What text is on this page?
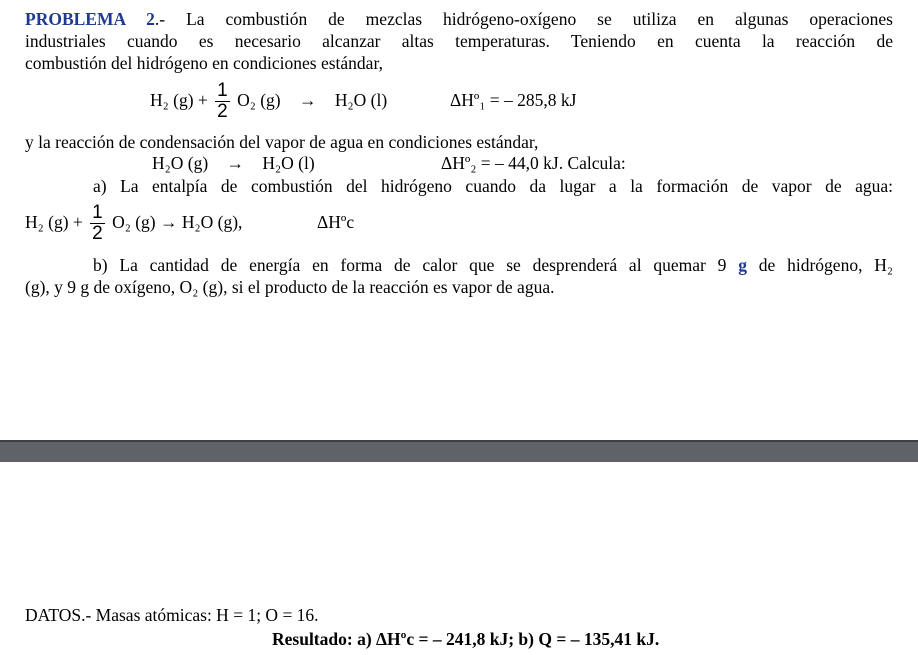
PROBLEMA 2.- La combustión de mezclas hidrógeno-oxígeno se utiliza en algunas operaciones

industriales cuando es necesario alcanzar altas temperaturas. Teniendo en cuenta la reacción de

combustión del hidrógeno en condiciones estándar,

H₂ $(g) + \frac{1}{2} O_2$ (g) → H₂O (l)	ΔHº₁ = – 285,8 kJ

y la reacción de condensación del vapor de agua en condiciones estándar,

H₂O (g) → H₂O (l)	ΔHº₂ = – 44,0 kJ. Calcula:

a) La entalpía de combustión del hidrógeno cuando da lugar a la formación de vapor de agua:

H₂ $(g) + \frac{1}{2} O_2$ (g) → H₂O (g),	ΔHºc

b) La cantidad de energía en forma de calor que se desprenderá al quemar 9 g de hidrógeno, H₂

(g), y 9 g de oxígeno, O₂ (g), si el producto de la reacción es vapor de agua.

DATOS.- Masas atómicas: H = 1; O = 16.
Resultado: a) ΔHºc = – 241,8 kJ; b) Q = – 135,41 kJ.
